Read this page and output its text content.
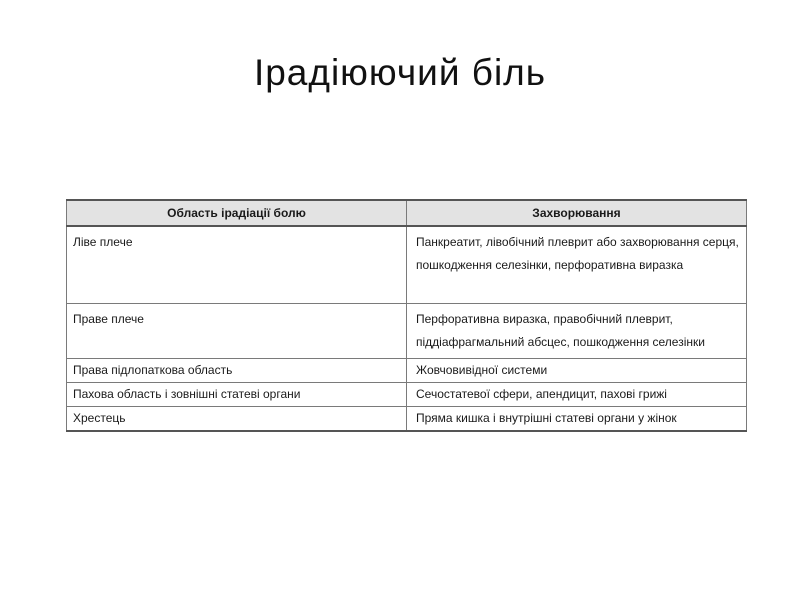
Ірадіюючий біль
Область ірадіації болю	Захворювання
Ліве плече	Панкреатит, лівобічний плеврит або захворювання серця, пошкодження селезінки, перфоративна виразка
Праве плече	Перфоративна виразка, правобічний плеврит, піддіафрагмальний абсцес, пошкодження селезінки
Права підлопаткова область	Жовчовивідної системи
Пахова область і зовнішні статеві органи	Сечостатевої сфери, апендицит, пахові грижі
Хрестець	Пряма кишка і внутрішні статеві органи у жінок
